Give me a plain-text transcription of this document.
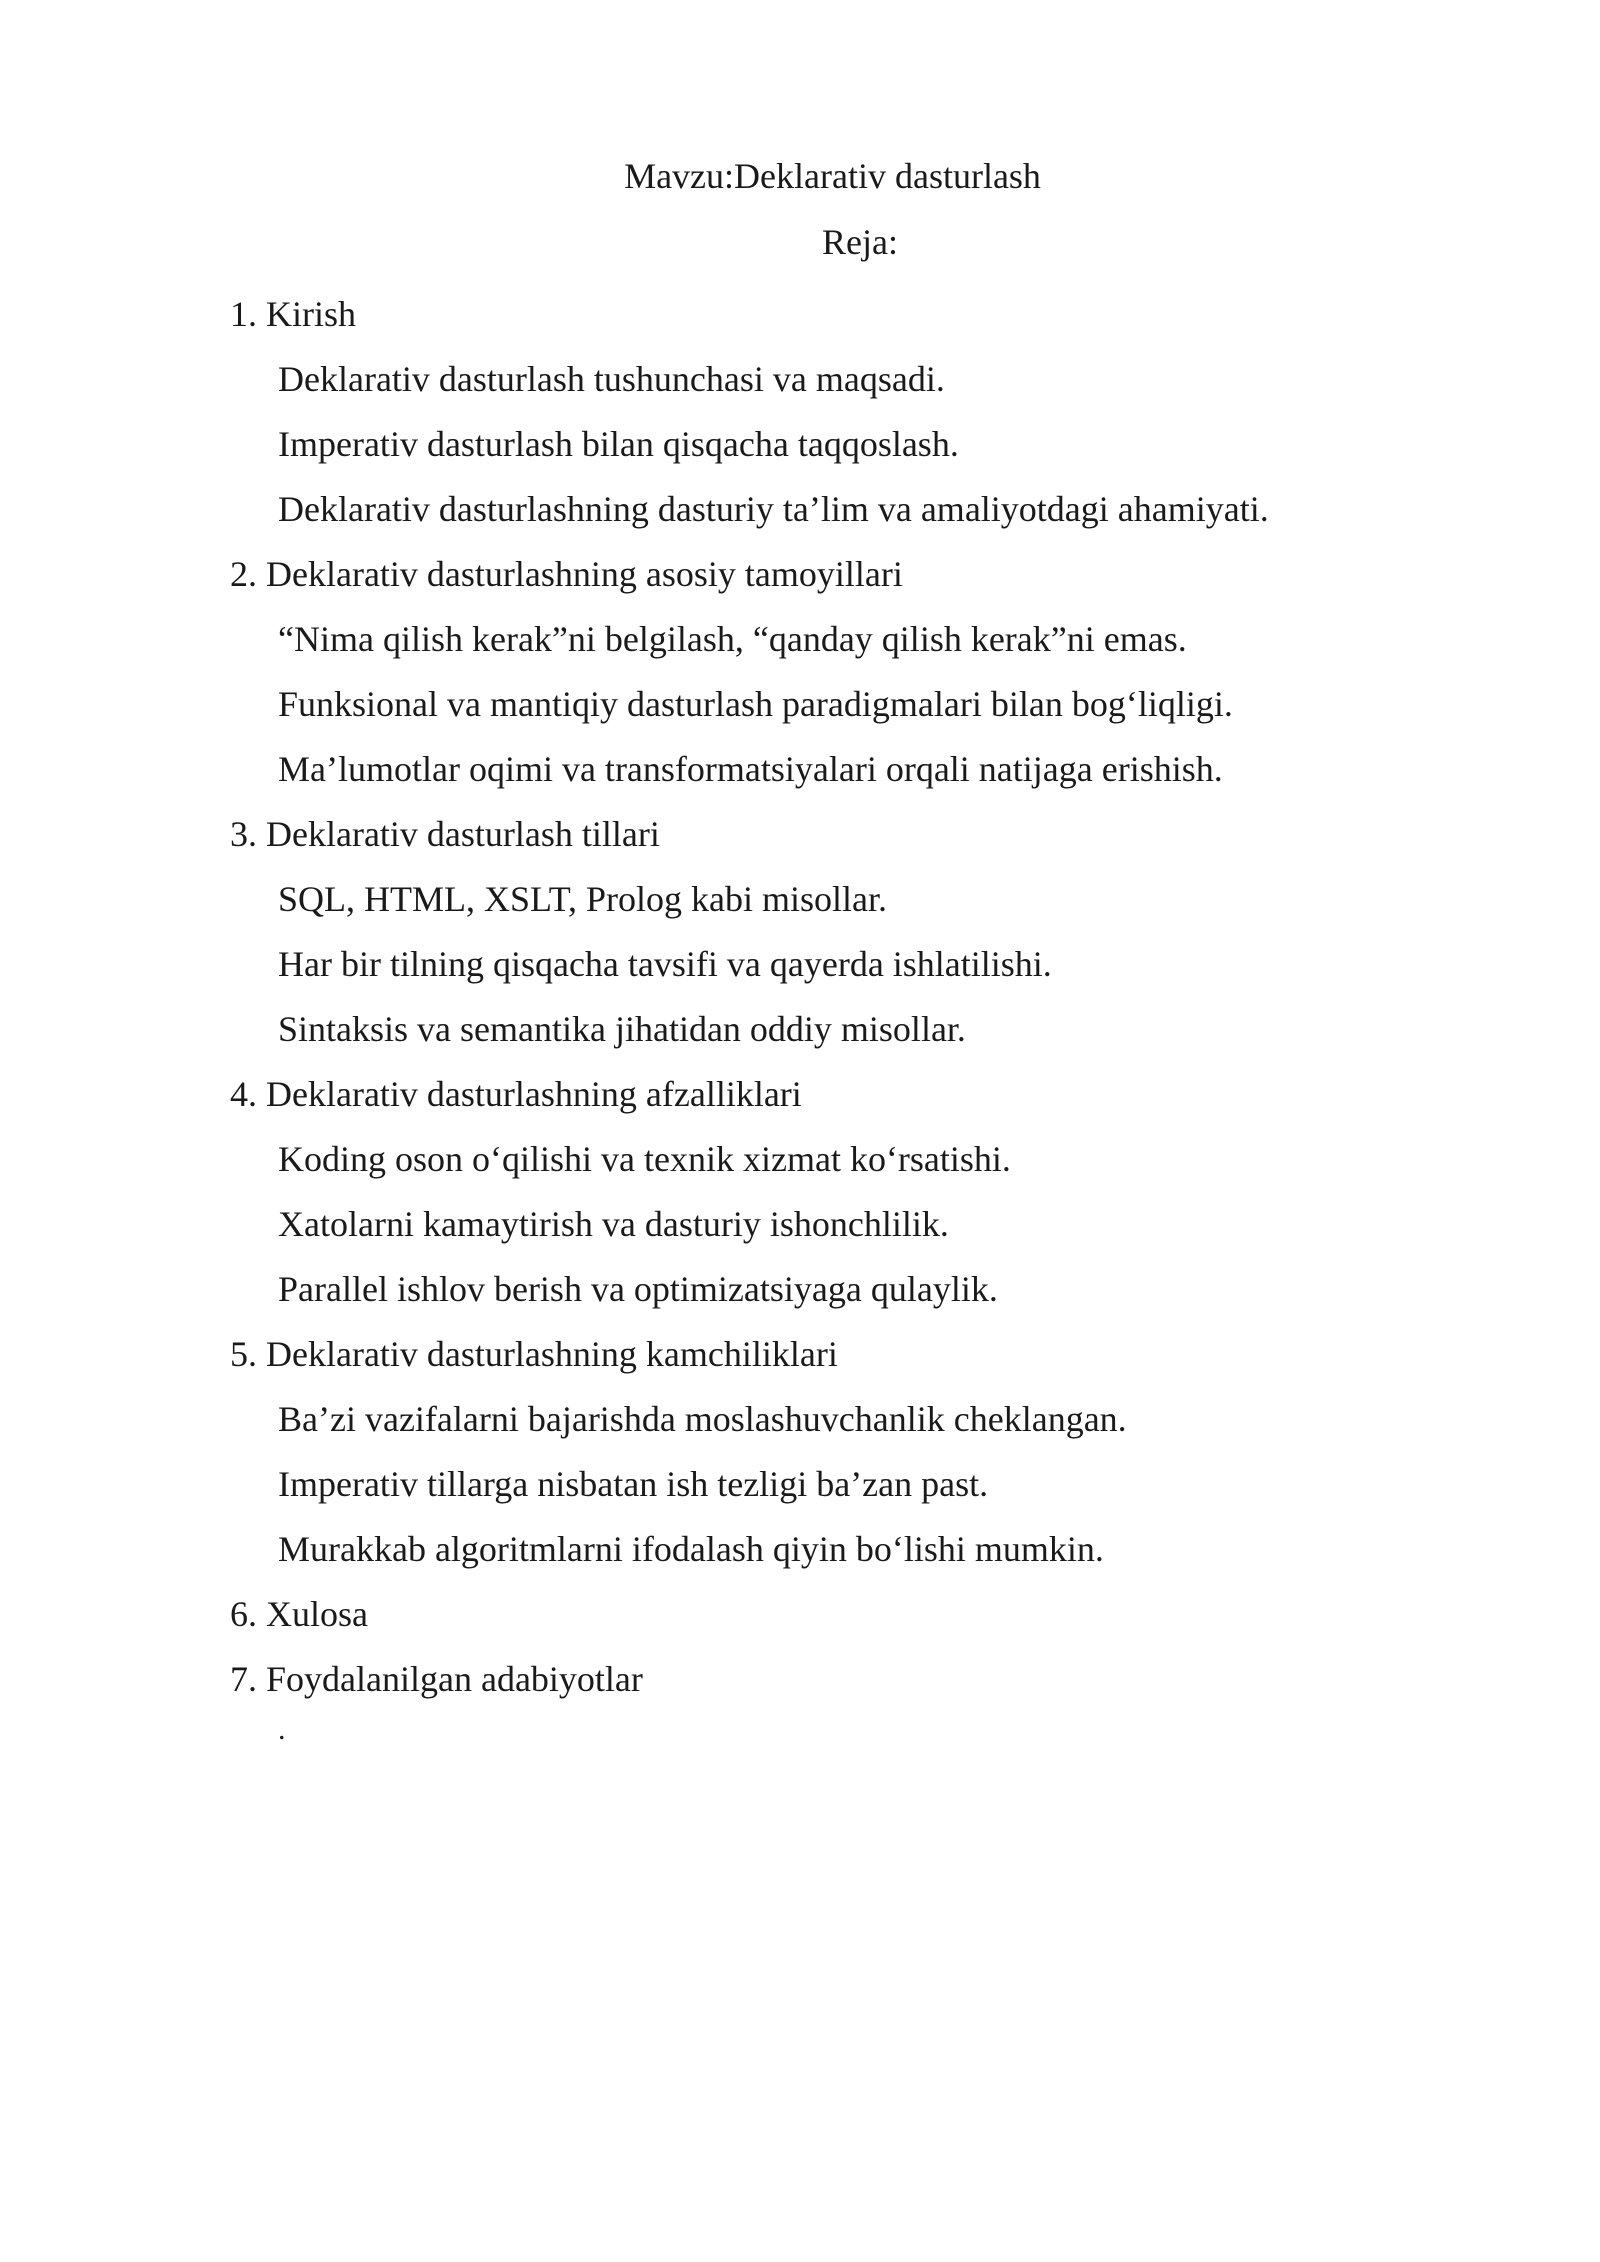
Mavzu:Deklarativ dasturlash
Reja:
1. Kirish
Deklarativ dasturlash tushunchasi va maqsadi.
Imperativ dasturlash bilan qisqacha taqqoslash.
Deklarativ dasturlashning dasturiy ta’lim va amaliyotdagi ahamiyati.
2. Deklarativ dasturlashning asosiy tamoyillari
“Nima qilish kerak”ni belgilash, “qanday qilish kerak”ni emas.
Funksional va mantiqiy dasturlash paradigmalari bilan bog‘liqligi.
Ma’lumotlar oqimi va transformatsiyalari orqali natijaga erishish.
3. Deklarativ dasturlash tillari
SQL, HTML, XSLT, Prolog kabi misollar.
Har bir tilning qisqacha tavsifi va qayerda ishlatilishi.
Sintaksis va semantika jihatidan oddiy misollar.
4. Deklarativ dasturlashning afzalliklari
Koding oson o‘qilishi va texnik xizmat ko‘rsatishi.
Xatolarni kamaytirish va dasturiy ishonchlilik.
Parallel ishlov berish va optimizatsiyaga qulaylik.
5. Deklarativ dasturlashning kamchiliklari
Ba’zi vazifalarni bajarishda moslashuvchanlik cheklangan.
Imperativ tillarga nisbatan ish tezligi ba’zan past.
Murakkab algoritmlarni ifodalash qiyin bo‘lishi mumkin.
6. Xulosa
7. Foydalanilgan adabiyotlar
.
